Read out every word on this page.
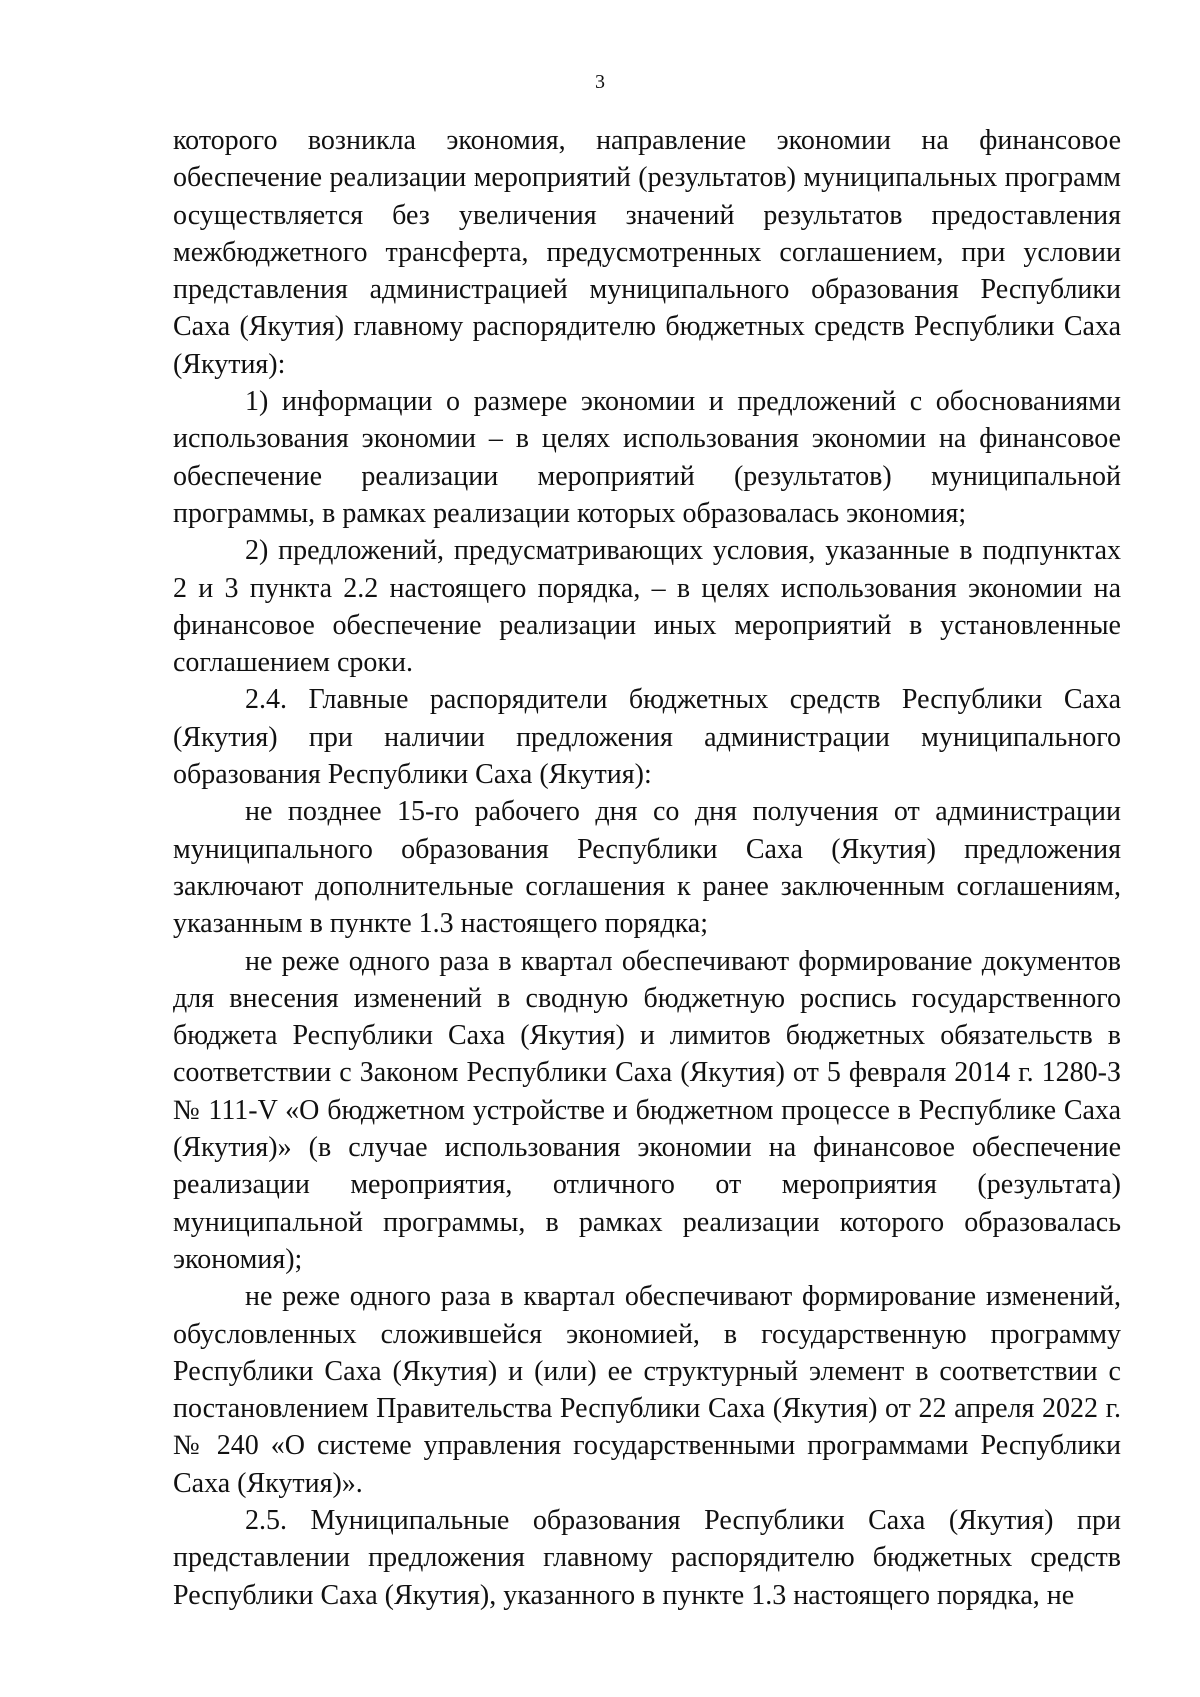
3

которого возникла экономия, направление экономии на финансовое обеспечение реализации мероприятий (результатов) муниципальных программ осуществляется без увеличения значений результатов предоставления межбюджетного трансферта, предусмотренных соглашением, при условии представления администрацией муниципального образования Республики Саха (Якутия) главному распорядителю бюджетных средств Республики Саха (Якутия):

1) информации о размере экономии и предложений с обоснованиями использования экономии – в целях использования экономии на финансовое обеспечение реализации мероприятий (результатов) муниципальной программы, в рамках реализации которых образовалась экономия;

2) предложений, предусматривающих условия, указанные в подпунктах 2 и 3 пункта 2.2 настоящего порядка, – в целях использования экономии на финансовое обеспечение реализации иных мероприятий в установленные соглашением сроки.

2.4. Главные распорядители бюджетных средств Республики Саха (Якутия) при наличии предложения администрации муниципального образования Республики Саха (Якутия):

не позднее 15-го рабочего дня со дня получения от администрации муниципального образования Республики Саха (Якутия) предложения заключают дополнительные соглашения к ранее заключенным соглашениям, указанным в пункте 1.3 настоящего порядка;

не реже одного раза в квартал обеспечивают формирование документов для внесения изменений в сводную бюджетную роспись государственного бюджета Республики Саха (Якутия) и лимитов бюджетных обязательств в соответствии с Законом Республики Саха (Якутия) от 5 февраля 2014 г. 1280-З № 111-V «О бюджетном устройстве и бюджетном процессе в Республике Саха (Якутия)» (в случае использования экономии на финансовое обеспечение реализации мероприятия, отличного от мероприятия (результата) муниципальной программы, в рамках реализации которого образовалась экономия);

не реже одного раза в квартал обеспечивают формирование изменений, обусловленных сложившейся экономией, в государственную программу Республики Саха (Якутия) и (или) ее структурный элемент в соответствии с постановлением Правительства Республики Саха (Якутия) от 22 апреля 2022 г. № 240 «О системе управления государственными программами Республики Саха (Якутия)».

2.5. Муниципальные образования Республики Саха (Якутия) при представлении предложения главному распорядителю бюджетных средств Республики Саха (Якутия), указанного в пункте 1.3 настоящего порядка, не
